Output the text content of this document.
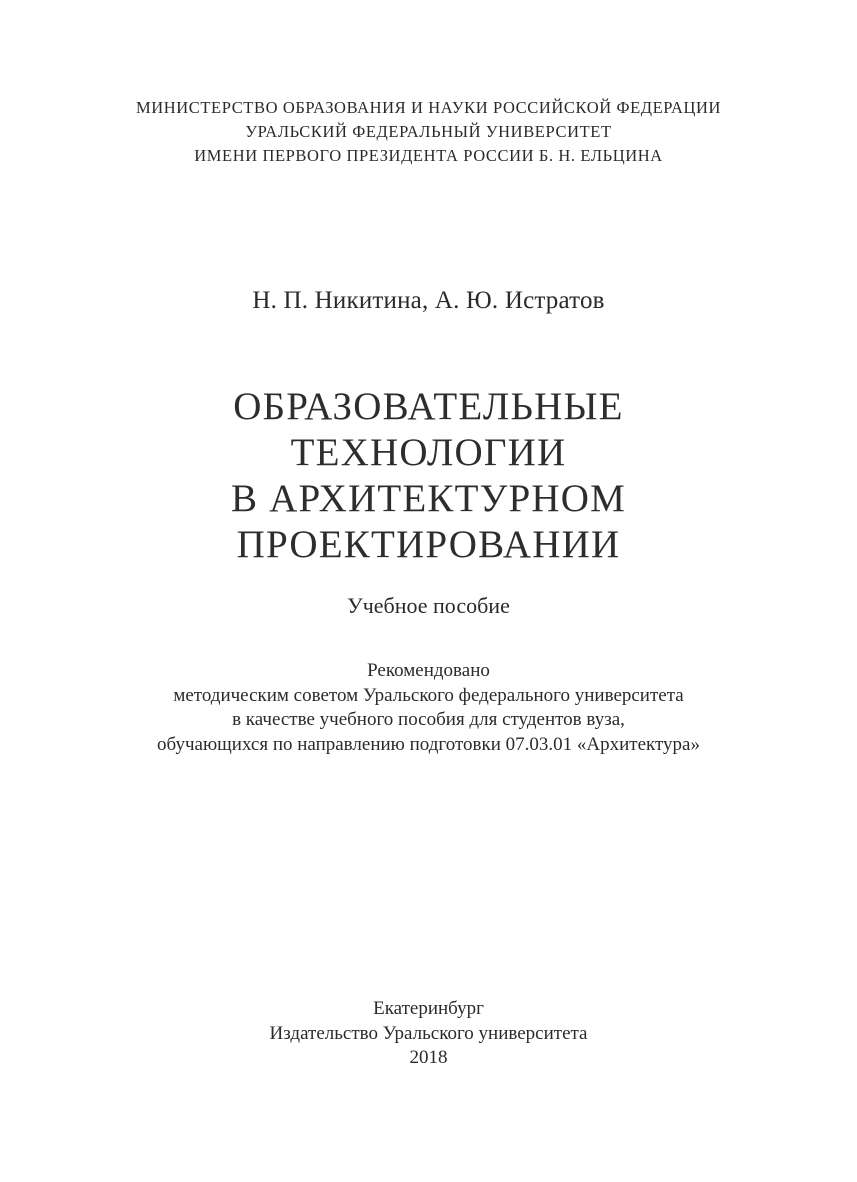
МИНИСТЕРСТВО ОБРАЗОВАНИЯ И НАУКИ РОССИЙСКОЙ ФЕДЕРАЦИИ
УРАЛЬСКИЙ ФЕДЕРАЛЬНЫЙ УНИВЕРСИТЕТ
ИМЕНИ ПЕРВОГО ПРЕЗИДЕНТА РОССИИ Б. Н. ЕЛЬЦИНА
Н. П. Никитина, А. Ю. Истратов
ОБРАЗОВАТЕЛЬНЫЕ
ТЕХНОЛОГИИ
В АРХИТЕКТУРНОМ
ПРОЕКТИРОВАНИИ
Учебное пособие
Рекомендовано
методическим советом Уральского федерального университета
в качестве учебного пособия для студентов вуза,
обучающихся по направлению подготовки 07.03.01 «Архитектура»
Екатеринбург
Издательство Уральского университета
2018
